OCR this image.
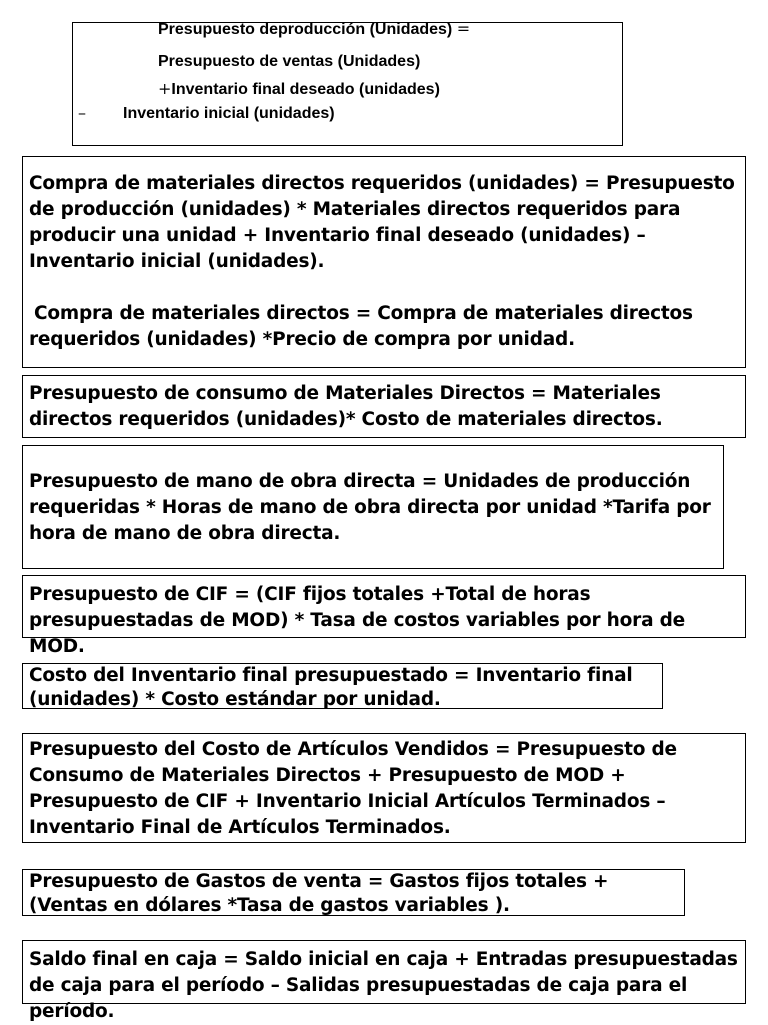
Presupuesto deproducción (Unidades) =
Presupuesto de ventas (Unidades)
+Inventario final deseado (unidades)
– Inventario inicial (unidades)

Compra de materiales directos requeridos (unidades) = Presupuesto de producción (unidades) * Materiales directos requeridos para producir una unidad + Inventario final deseado (unidades) – Inventario inicial (unidades).

Compra de materiales directos = Compra de materiales directos requeridos (unidades) *Precio de compra por unidad.

Presupuesto de consumo de Materiales Directos = Materiales directos requeridos (unidades)* Costo de materiales directos.

Presupuesto de mano de obra directa = Unidades de producción requeridas * Horas de mano de obra directa por unidad *Tarifa por hora de mano de obra directa.

Presupuesto de CIF = (CIF fijos totales +Total de horas presupuestadas de MOD) * Tasa de costos variables por hora de MOD.

Costo del Inventario final presupuestado = Inventario final (unidades) * Costo estándar por unidad.

Presupuesto del Costo de Artículos Vendidos = Presupuesto de Consumo de Materiales Directos + Presupuesto de MOD + Presupuesto de CIF + Inventario Inicial Artículos Terminados – Inventario Final de Artículos Terminados.

Presupuesto de Gastos de venta = Gastos fijos totales + (Ventas en dólares *Tasa de gastos variables ).

Saldo final en caja = Saldo inicial en caja + Entradas presupuestadas de caja para el período – Salidas presupuestadas de caja para el período.
